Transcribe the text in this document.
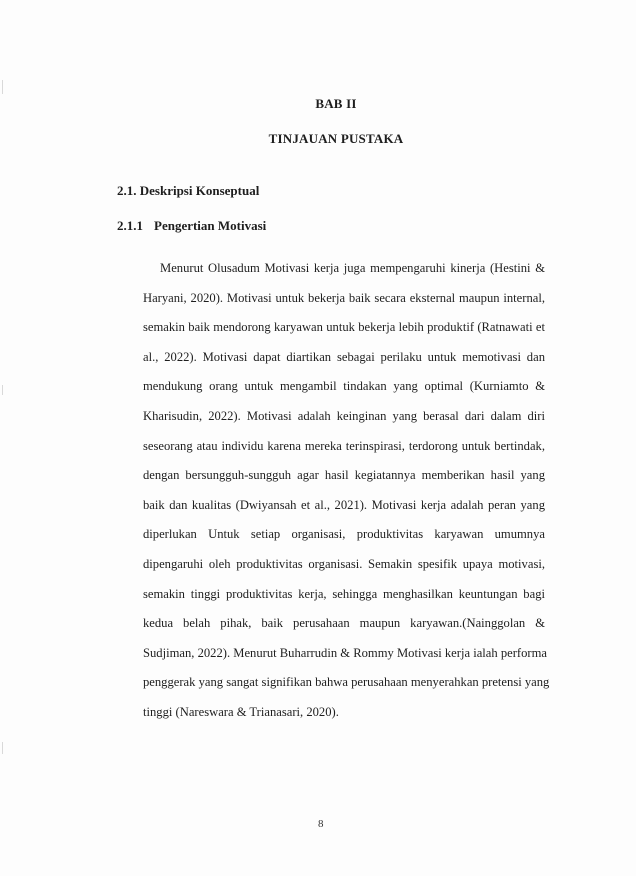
BAB II
TINJAUAN PUSTAKA
2.1. Deskripsi Konseptual
2.1.1 Pengertian Motivasi
Menurut Olusadum Motivasi kerja juga mempengaruhi kinerja (Hestini &
Haryani, 2020). Motivasi untuk bekerja baik secara eksternal maupun internal,
semakin baik mendorong karyawan untuk bekerja lebih produktif (Ratnawati et
al., 2022). Motivasi dapat diartikan sebagai perilaku untuk memotivasi dan
mendukung orang untuk mengambil tindakan yang optimal (Kurniamto &
Kharisudin, 2022). Motivasi adalah keinginan yang berasal dari dalam diri
seseorang atau individu karena mereka terinspirasi, terdorong untuk bertindak,
dengan bersungguh-sungguh agar hasil kegiatannya memberikan hasil yang
baik dan kualitas (Dwiyansah et al., 2021). Motivasi kerja adalah peran yang
diperlukan Untuk setiap organisasi, produktivitas karyawan umumnya
dipengaruhi oleh produktivitas organisasi. Semakin spesifik upaya motivasi,
semakin tinggi produktivitas kerja, sehingga menghasilkan keuntungan bagi
kedua belah pihak, baik perusahaan maupun karyawan.(Nainggolan &
Sudjiman, 2022). Menurut Buharrudin & Rommy Motivasi kerja ialah performa
penggerak yang sangat signifikan bahwa perusahaan menyerahkan pretensi yang
tinggi (Nareswara & Trianasari, 2020).
8
